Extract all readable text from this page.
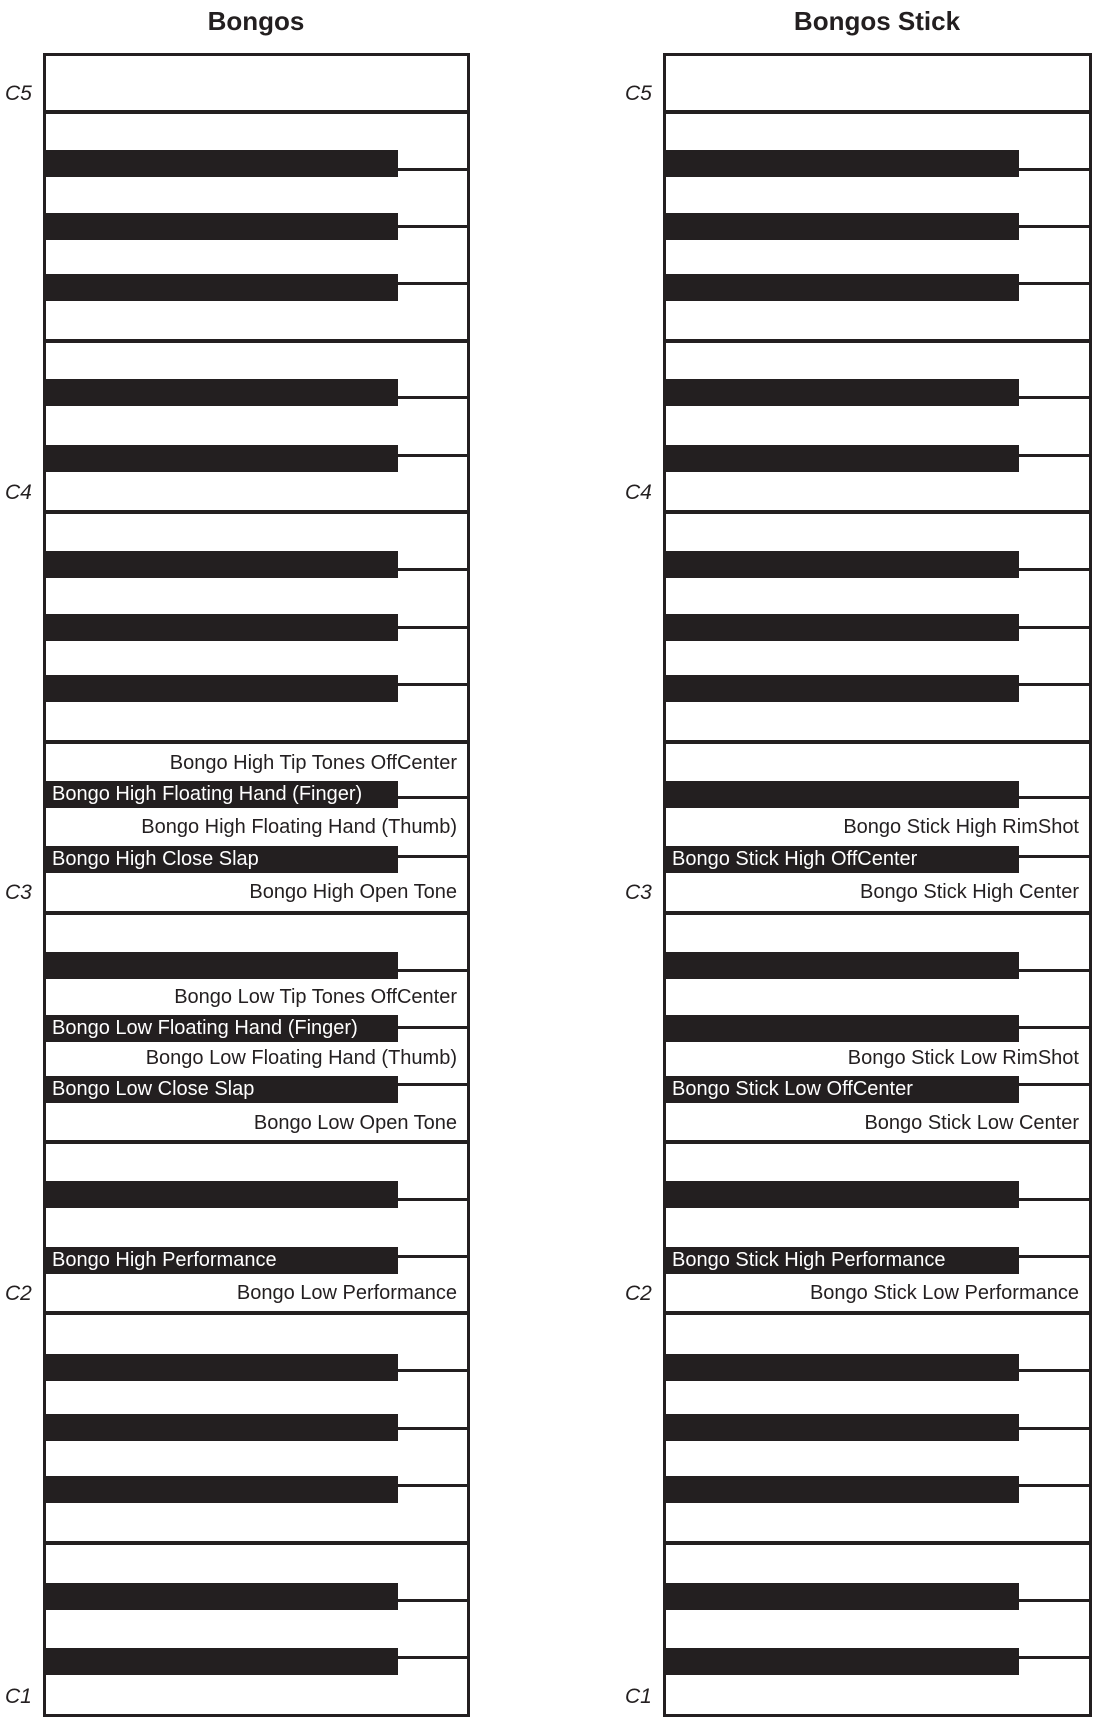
Bongos
C5
C4
C3
C2
C1
Bongo High Floating Hand (Finger)
Bongo High Close Slap
Bongo Low Floating Hand (Finger)
Bongo Low Close Slap
Bongo High Performance
Bongo High Tip Tones OffCenter
Bongo High Floating Hand (Thumb)
Bongo High Open Tone
Bongo Low Tip Tones OffCenter
Bongo Low Floating Hand (Thumb)
Bongo Low Open Tone
Bongo Low Performance
Bongos Stick
C5
C4
C3
C2
C1
Bongo Stick High OffCenter
Bongo Stick Low OffCenter
Bongo Stick High Performance
Bongo Stick High RimShot
Bongo Stick High Center
Bongo Stick Low RimShot
Bongo Stick Low Center
Bongo Stick Low Performance
